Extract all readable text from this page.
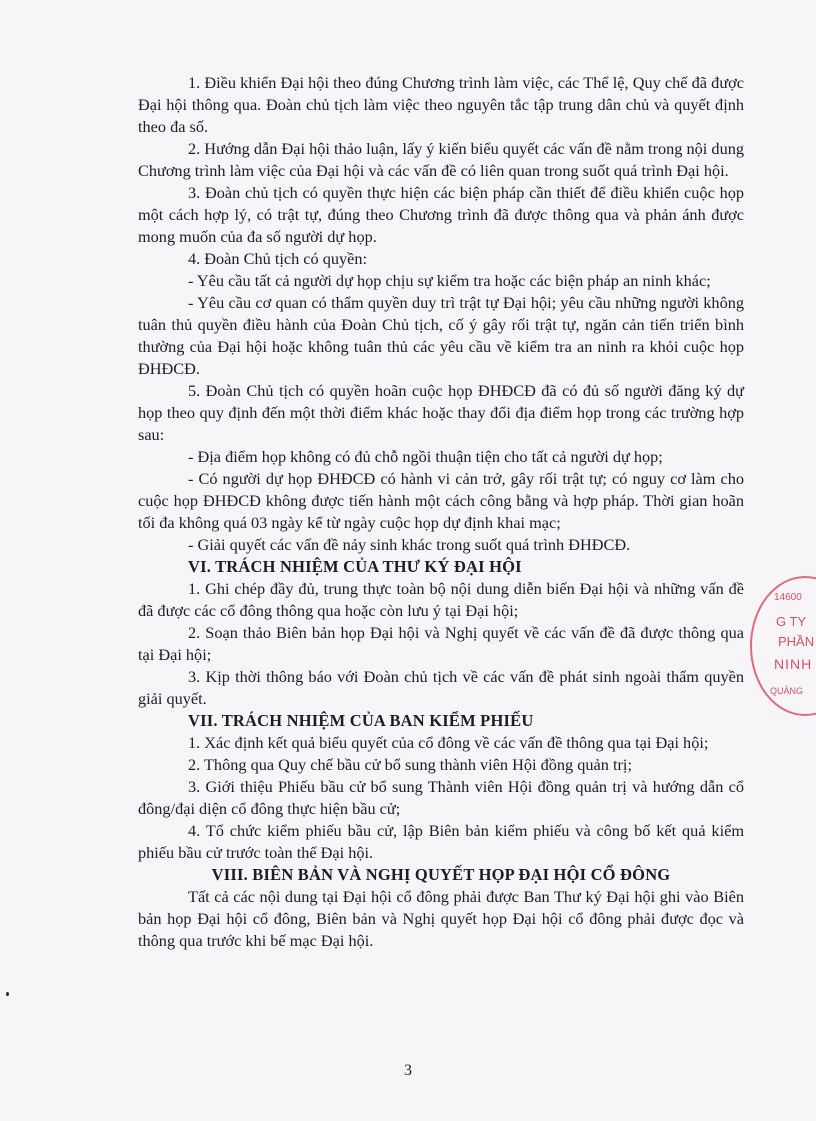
1. Điều khiển Đại hội theo đúng Chương trình làm việc, các Thể lệ, Quy chế đã được Đại hội thông qua. Đoàn chủ tịch làm việc theo nguyên tắc tập trung dân chủ và quyết định theo đa số.

2. Hướng dẫn Đại hội thảo luận, lấy ý kiến biểu quyết các vấn đề nằm trong nội dung Chương trình làm việc của Đại hội và các vấn đề có liên quan trong suốt quá trình Đại hội.

3. Đoàn chủ tịch có quyền thực hiện các biện pháp cần thiết để điều khiển cuộc họp một cách hợp lý, có trật tự, đúng theo Chương trình đã được thông qua và phản ánh được mong muốn của đa số người dự họp.

4. Đoàn Chủ tịch có quyền:

- Yêu cầu tất cả người dự họp chịu sự kiểm tra hoặc các biện pháp an ninh khác;

- Yêu cầu cơ quan có thẩm quyền duy trì trật tự Đại hội; yêu cầu những người không tuân thủ quyền điều hành của Đoàn Chủ tịch, cố ý gây rối trật tự, ngăn cản tiến triển bình thường của Đại hội hoặc không tuân thủ các yêu cầu về kiểm tra an ninh ra khỏi cuộc họp ĐHĐCĐ.

5. Đoàn Chủ tịch có quyền hoãn cuộc họp ĐHĐCĐ đã có đủ số người đăng ký dự họp theo quy định đến một thời điểm khác hoặc thay đổi địa điểm họp trong các trường hợp sau:

- Địa điểm họp không có đủ chỗ ngồi thuận tiện cho tất cả người dự họp;

- Có người dự họp ĐHĐCĐ có hành vi cản trở, gây rối trật tự; có nguy cơ làm cho cuộc họp ĐHĐCĐ không được tiến hành một cách công bằng và hợp pháp. Thời gian hoãn tối đa không quá 03 ngày kể từ ngày cuộc họp dự định khai mạc;

- Giải quyết các vấn đề nảy sinh khác trong suốt quá trình ĐHĐCĐ.

VI. TRÁCH NHIỆM CỦA THƯ KÝ ĐẠI HỘI

1. Ghi chép đầy đủ, trung thực toàn bộ nội dung diễn biến Đại hội và những vấn đề đã được các cổ đông thông qua hoặc còn lưu ý tại Đại hội;

2. Soạn thảo Biên bản họp Đại hội và Nghị quyết về các vấn đề đã được thông qua tại Đại hội;

3. Kịp thời thông báo với Đoàn chủ tịch về các vấn đề phát sinh ngoài thẩm quyền giải quyết.

VII. TRÁCH NHIỆM CỦA BAN KIỂM PHIẾU

1. Xác định kết quả biểu quyết của cổ đông về các vấn đề thông qua tại Đại hội;

2. Thông qua Quy chế bầu cử bổ sung thành viên Hội đồng quản trị;

3. Giới thiệu Phiếu bầu cử bổ sung Thành viên Hội đồng quản trị và hướng dẫn cổ đông/đại diện cổ đông thực hiện bầu cử;

4. Tổ chức kiểm phiếu bầu cử, lập Biên bản kiểm phiếu và công bố kết quả kiểm phiếu bầu cử trước toàn thể Đại hội.

VIII. BIÊN BẢN VÀ NGHỊ QUYẾT HỌP ĐẠI HỘI CỔ ĐÔNG

Tất cả các nội dung tại Đại hội cổ đông phải được Ban Thư ký Đại hội ghi vào Biên bản họp Đại hội cổ đông, Biên bản và Nghị quyết họp Đại hội cổ đông phải được đọc và thông qua trước khi bế mạc Đại hội.

3
14600
G TY
PHẦN
NINH
QUẢNG
